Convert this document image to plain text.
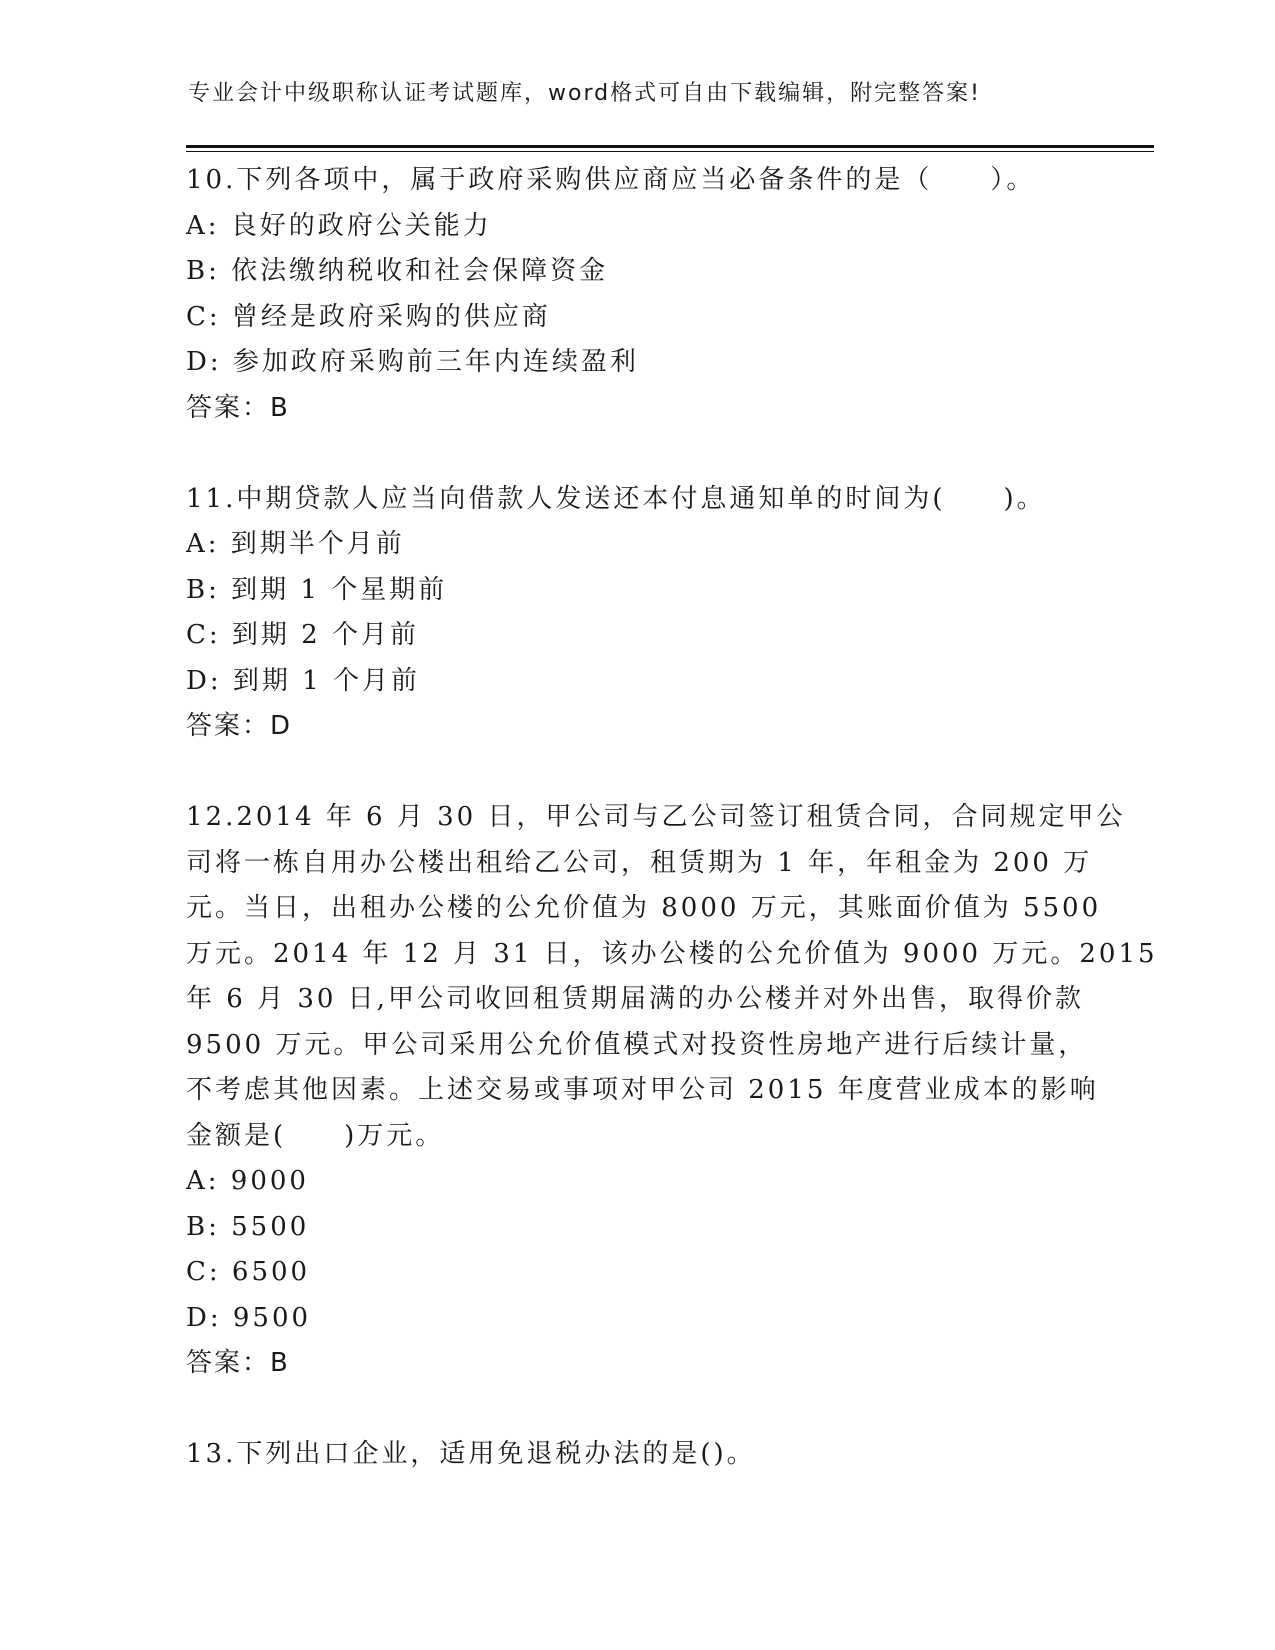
专业会计中级职称认证考试题库，word格式可自由下载编辑，附完整答案!

10.下列各项中，属于政府采购供应商应当必备条件的是（　　）。

A: 良好的政府公关能力

B: 依法缴纳税收和社会保障资金

C: 曾经是政府采购的供应商

D: 参加政府采购前三年内连续盈利

答案：B

11.中期贷款人应当向借款人发送还本付息通知单的时间为(　　)。

A: 到期半个月前

B: 到期 1 个星期前

C: 到期 2 个月前

D: 到期 1 个月前

答案：D

12.2014 年 6 月 30 日，甲公司与乙公司签订租赁合同，合同规定甲公
司将一栋自用办公楼出租给乙公司，租赁期为 1 年，年租金为 200 万
元。当日，出租办公楼的公允价值为 8000 万元，其账面价值为 5500
万元。2014 年 12 月 31 日，该办公楼的公允价值为 9000 万元。2015
年 6 月 30 日,甲公司收回租赁期届满的办公楼并对外出售，取得价款
9500 万元。甲公司采用公允价值模式对投资性房地产进行后续计量，
不考虑其他因素。上述交易或事项对甲公司 2015 年度营业成本的影响
金额是(　　)万元。

A: 9000

B: 5500

C: 6500

D: 9500

答案：B

13.下列出口企业，适用免退税办法的是()。
